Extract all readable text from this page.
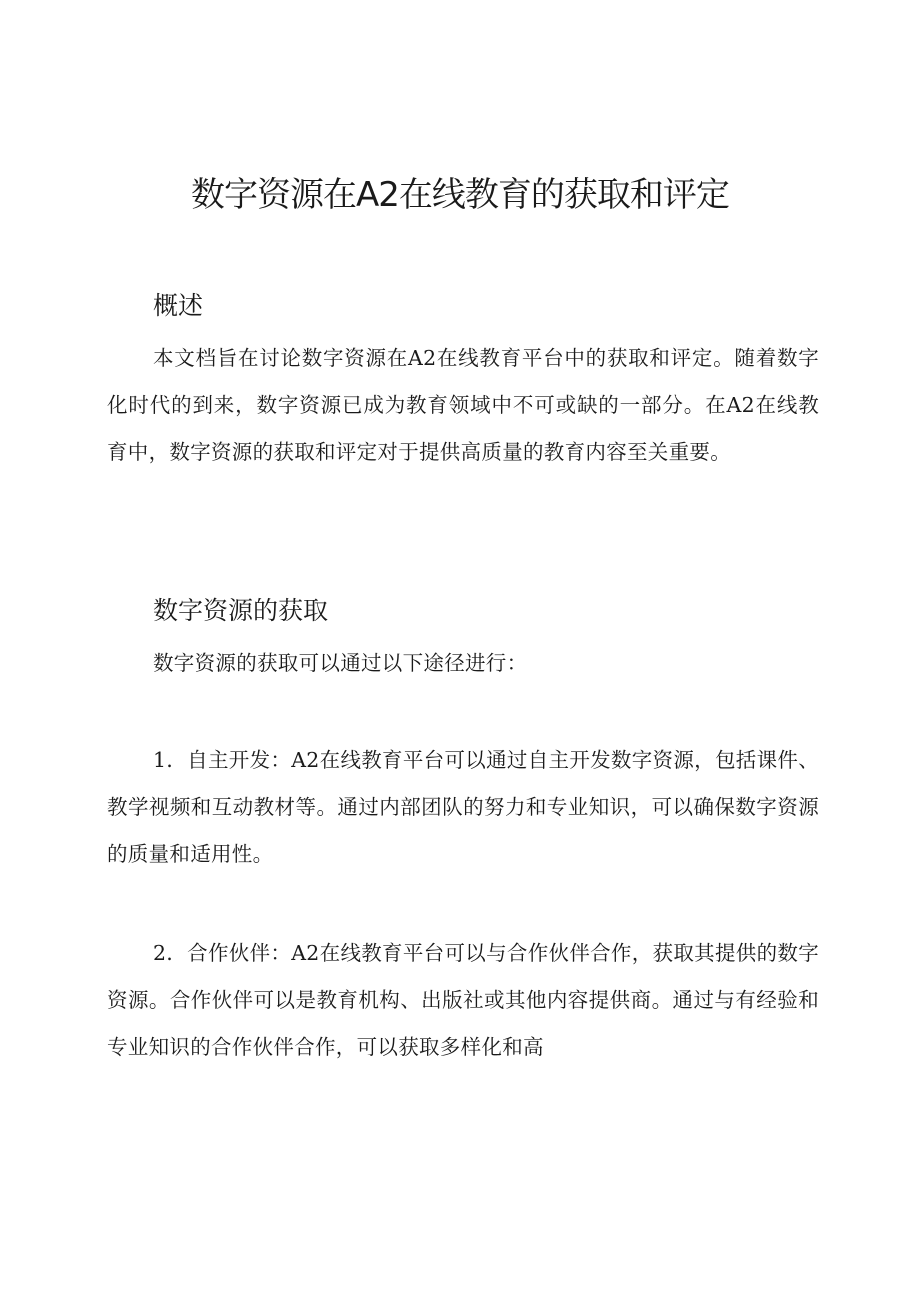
数字资源在A2在线教育的获取和评定
概述

本文档旨在讨论数字资源在A2在线教育平台中的获取和评定。随着数字化时代的到来，数字资源已成为教育领域中不可或缺的一部分。在A2在线教育中，数字资源的获取和评定对于提供高质量的教育内容至关重要。

数字资源的获取

数字资源的获取可以通过以下途径进行：

1．自主开发：A2在线教育平台可以通过自主开发数字资源，包括课件、教学视频和互动教材等。通过内部团队的努力和专业知识，可以确保数字资源的质量和适用性。

2．合作伙伴：A2在线教育平台可以与合作伙伴合作，获取其提供的数字资源。合作伙伴可以是教育机构、出版社或其他内容提供商。通过与有经验和专业知识的合作伙伴合作，可以获取多样化和高
